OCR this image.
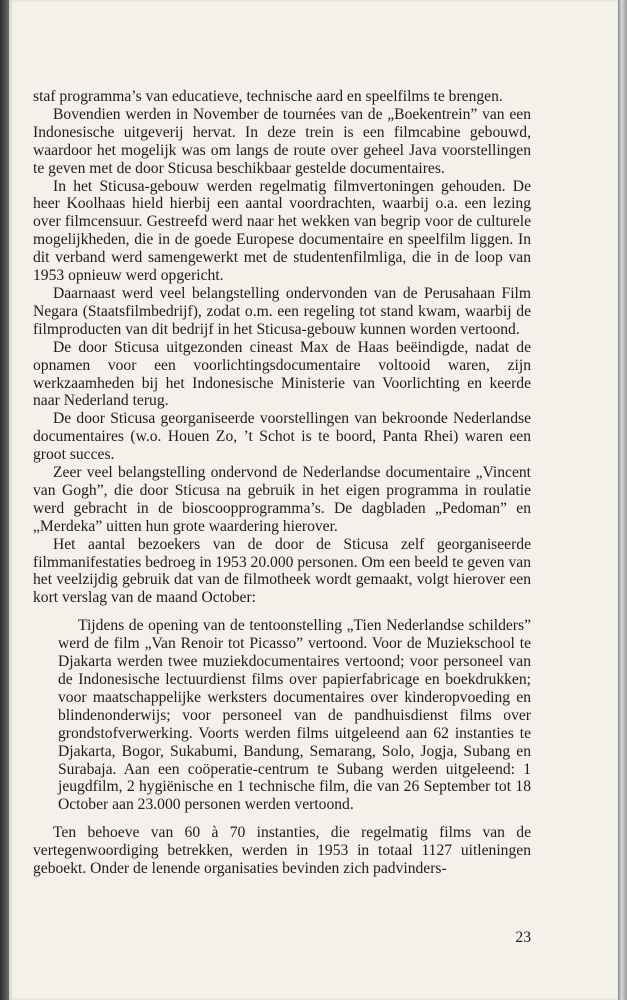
staf programma’s van educatieve, technische aard en speelfilms te brengen.

Bovendien werden in November de tournées van de „Boekentrein” van een Indonesische uitgeverij hervat. In deze trein is een filmcabine gebouwd, waardoor het mogelijk was om langs de route over geheel Java voorstellingen te geven met de door Sticusa beschikbaar gestelde documentaires.

In het Sticusa-gebouw werden regelmatig filmvertoningen gehouden. De heer Koolhaas hield hierbij een aantal voordrachten, waarbij o.a. een lezing over filmcensuur. Gestreefd werd naar het wekken van begrip voor de culturele mogelijkheden, die in de goede Europese documentaire en speelfilm liggen. In dit verband werd samengewerkt met de studentenfilmliga, die in de loop van 1953 opnieuw werd opgericht.

Daarnaast werd veel belangstelling ondervonden van de Perusahaan Film Negara (Staatsfilmbedrijf), zodat o.m. een regeling tot stand kwam, waarbij de filmproducten van dit bedrijf in het Sticusa-gebouw kunnen worden vertoond.

De door Sticusa uitgezonden cineast Max de Haas beëindigde, nadat de opnamen voor een voorlichtingsdocumentaire voltooid waren, zijn werkzaamheden bij het Indonesische Ministerie van Voorlichting en keerde naar Nederland terug.

De door Sticusa georganiseerde voorstellingen van bekroonde Nederlandse documentaires (w.o. Houen Zo, ’t Schot is te boord, Panta Rhei) waren een groot succes.

Zeer veel belangstelling ondervond de Nederlandse documentaire „Vincent van Gogh”, die door Sticusa na gebruik in het eigen programma in roulatie werd gebracht in de bioscoopprogramma’s. De dagbladen „Pedoman” en „Merdeka” uitten hun grote waardering hierover.

Het aantal bezoekers van de door de Sticusa zelf georganiseerde filmmanifestaties bedroeg in 1953 20.000 personen. Om een beeld te geven van het veelzijdig gebruik dat van de filmotheek wordt gemaakt, volgt hierover een kort verslag van de maand October:

Tijdens de opening van de tentoonstelling „Tien Nederlandse schilders” werd de film „Van Renoir tot Picasso” vertoond. Voor de Muziekschool te Djakarta werden twee muziekdocumentaires vertoond; voor personeel van de Indonesische lectuurdienst films over papierfabricage en boekdrukken; voor maatschappelijke werksters documentaires over kinderopvoeding en blindenonderwijs; voor personeel van de pandhuisdienst films over grondstofverwerking. Voorts werden films uitgeleend aan 62 instanties te Djakarta, Bogor, Sukabumi, Bandung, Semarang, Solo, Jogja, Subang en Surabaja. Aan een coöperatie-centrum te Subang werden uitgeleend: 1 jeugdfilm, 2 hygiënische en 1 technische film, die van 26 September tot 18 October aan 23.000 personen werden vertoond.

Ten behoeve van 60 à 70 instanties, die regelmatig films van de vertegenwoordiging betrekken, werden in 1953 in totaal 1127 uitleningen geboekt. Onder de lenende organisaties bevinden zich padvinders-

23
